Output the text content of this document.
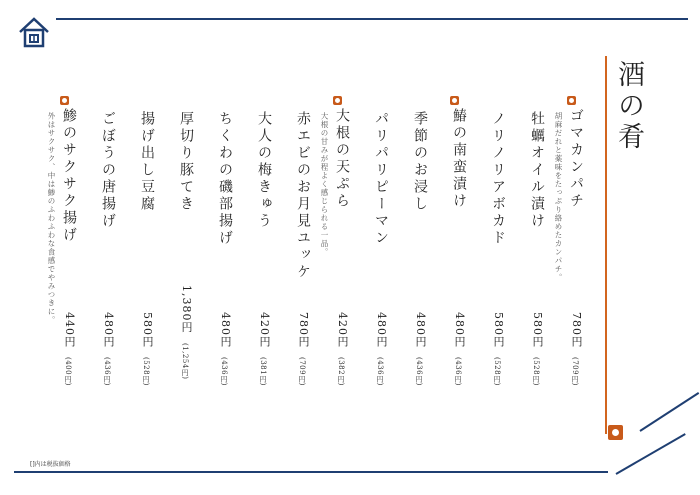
酒の肴
ゴマカンパチ
胡麻だれと薬味をたっぷり絡めたカンパチ。
780円
(709円)
牡蠣オイル漬け
580円
(528円)
ノリノリアボカド
580円
(528円)
鰆の南蛮漬け
480円
(436円)
季節のお浸し
480円
(436円)
パリパリピーマン
480円
(436円)
大根の天ぷら
大根の甘みが程よく感じられる一品。
420円
(382円)
赤エビのお月見ユッケ
780円
(709円)
大人の梅きゅう
420円
(381円)
ちくわの磯部揚げ
480円
(436円)
厚切り豚てき
1,380円
(1,254円)
揚げ出し豆腐
580円
(528円)
ごぼうの唐揚げ
480円
(436円)
鯵のサクサク揚げ
外はサクサク、中は鯵のふわふわな食感でやみつきに。
440円
(400円)
[]内は税抜価格
